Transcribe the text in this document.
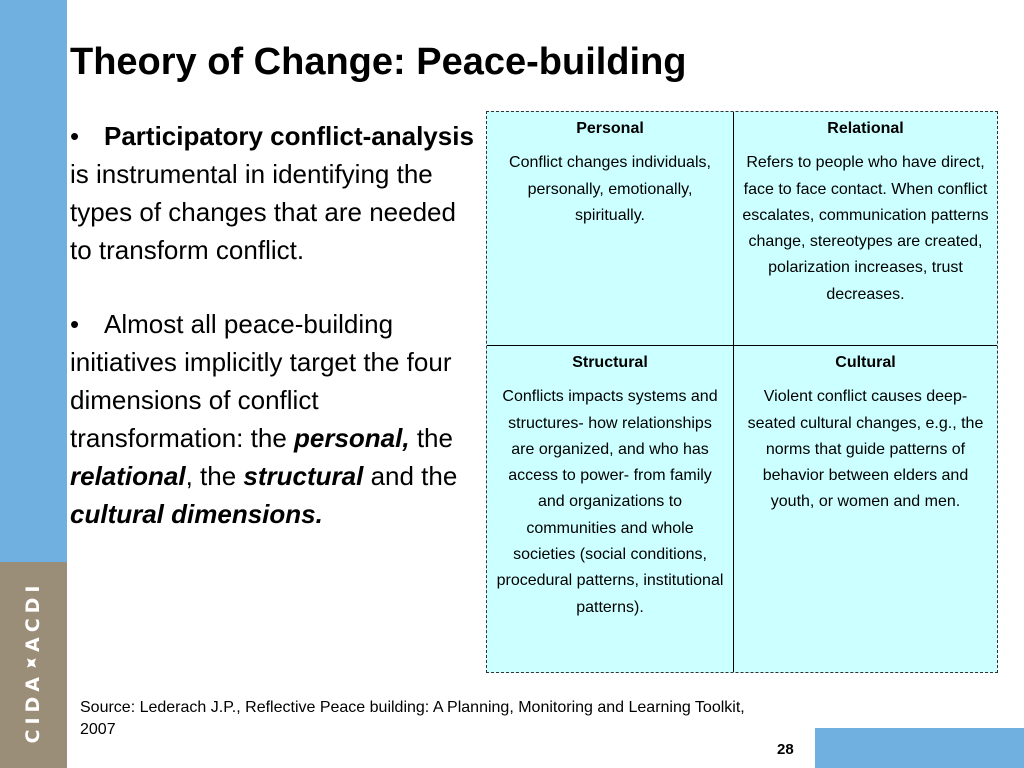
CIDAACDI
Theory of Change: Peace-building

• Participatory conflict-analysis is instrumental in identifying the types of changes that are needed to transform conflict.

• Almost all peace-building initiatives implicitly target the four dimensions of conflict transformation: the personal, the relational, the structural and the cultural dimensions.

Personal

Conflict changes individuals, personally, emotionally, spiritually.

Relational

Refers to people who have direct, face to face contact. When conflict escalates, communication patterns change, stereotypes are created, polarization increases, trust decreases.

Structural

Conflicts impacts systems and structures- how relationships are organized, and who has access to power- from family and organizations to communities and whole societies (social conditions, procedural patterns, institutional patterns).

Cultural

Violent conflict causes deep-seated cultural changes, e.g., the norms that guide patterns of behavior between elders and youth, or women and men.

Source: Lederach J.P., Reflective Peace building: A Planning, Monitoring and Learning Toolkit, 2007
28
